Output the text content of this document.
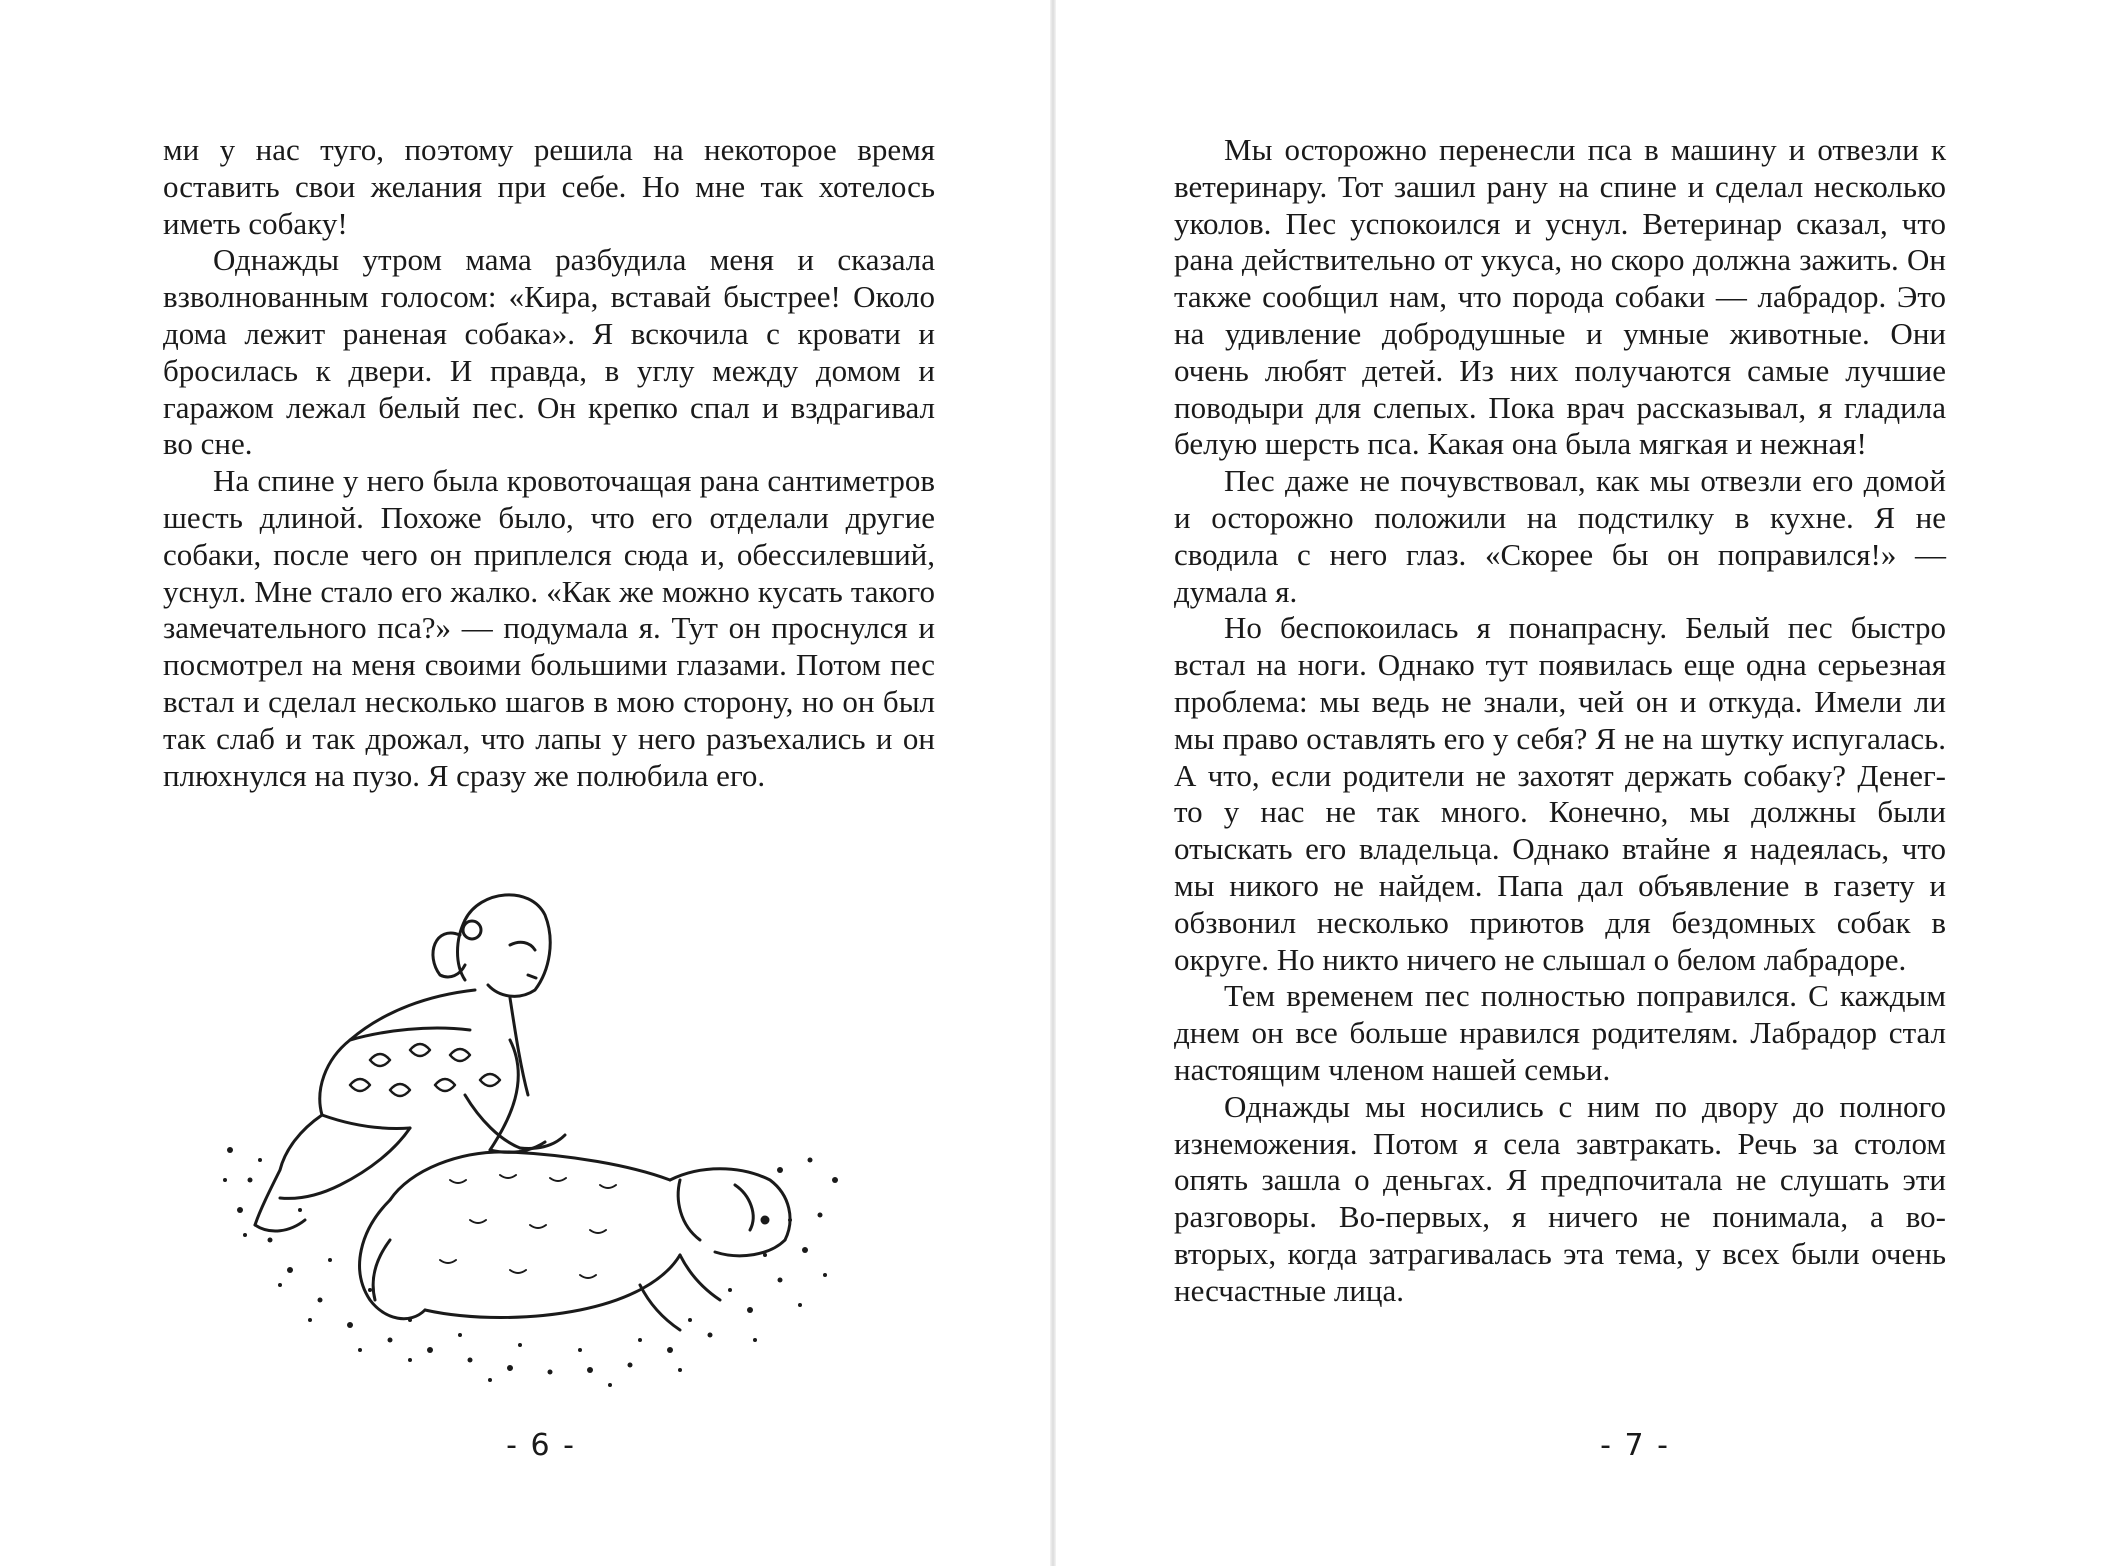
ми у нас туго, поэтому решила на некоторое время оставить свои желания при себе. Но мне так хотелось иметь собаку!

Однажды утром мама разбудила меня и сказала взволнованным голосом: «Кира, вставай быстрее! Около дома лежит раненая собака». Я вскочила с кровати и бросилась к двери. И правда, в углу между домом и гаражом лежал белый пес. Он крепко спал и вздрагивал во сне.

На спине у него была кровоточащая рана сантиметров шесть длиной. Похоже было, что его отделали другие собаки, после чего он приплелся сюда и, обессилевший, уснул. Мне стало его жалко. «Как же можно кусать такого замечательного пса?» — подумала я. Тут он проснулся и посмотрел на меня своими большими глазами. Потом пес встал и сделал несколько шагов в мою сторону, но он был так слаб и так дрожал, что лапы у него разъехались и он плюхнулся на пузо. Я сразу же полюбила его.

- 6 -

Мы осторожно перенесли пса в машину и отвезли к ветеринару. Тот зашил рану на спине и сделал несколько уколов. Пес успокоился и уснул. Ветеринар сказал, что рана действительно от укуса, но скоро должна зажить. Он также сообщил нам, что порода собаки — лабрадор. Это на удивление добродушные и умные животные. Они очень любят детей. Из них получаются самые лучшие поводыри для слепых. Пока врач рассказывал, я гладила белую шерсть пса. Какая она была мягкая и нежная!

Пес даже не почувствовал, как мы отвезли его домой и осторожно положили на подстилку в кухне. Я не сводила с него глаз. «Скорее бы он поправился!» — думала я.

Но беспокоилась я понапрасну. Белый пес быстро встал на ноги. Однако тут появилась еще одна серьезная проблема: мы ведь не знали, чей он и откуда. Имели ли мы право оставлять его у себя? Я не на шутку испугалась. А что, если родители не захотят держать собаку? Денег-то у нас не так много. Конечно, мы должны были отыскать его владельца. Однако втайне я надеялась, что мы никого не найдем. Папа дал объявление в газету и обзвонил несколько приютов для бездомных собак в округе. Но никто ничего не слышал о белом лабрадоре.

Тем временем пес полностью поправился. С каждым днем он все больше нравился родителям. Лабрадор стал настоящим членом нашей семьи.

Однажды мы носились с ним по двору до полного изнеможения. Потом я села завтракать. Речь за столом опять зашла о деньгах. Я предпочитала не слушать эти разговоры. Во-первых, я ничего не понимала, а во-вторых, когда затрагивалась эта тема, у всех были очень несчастные лица.

- 7 -
